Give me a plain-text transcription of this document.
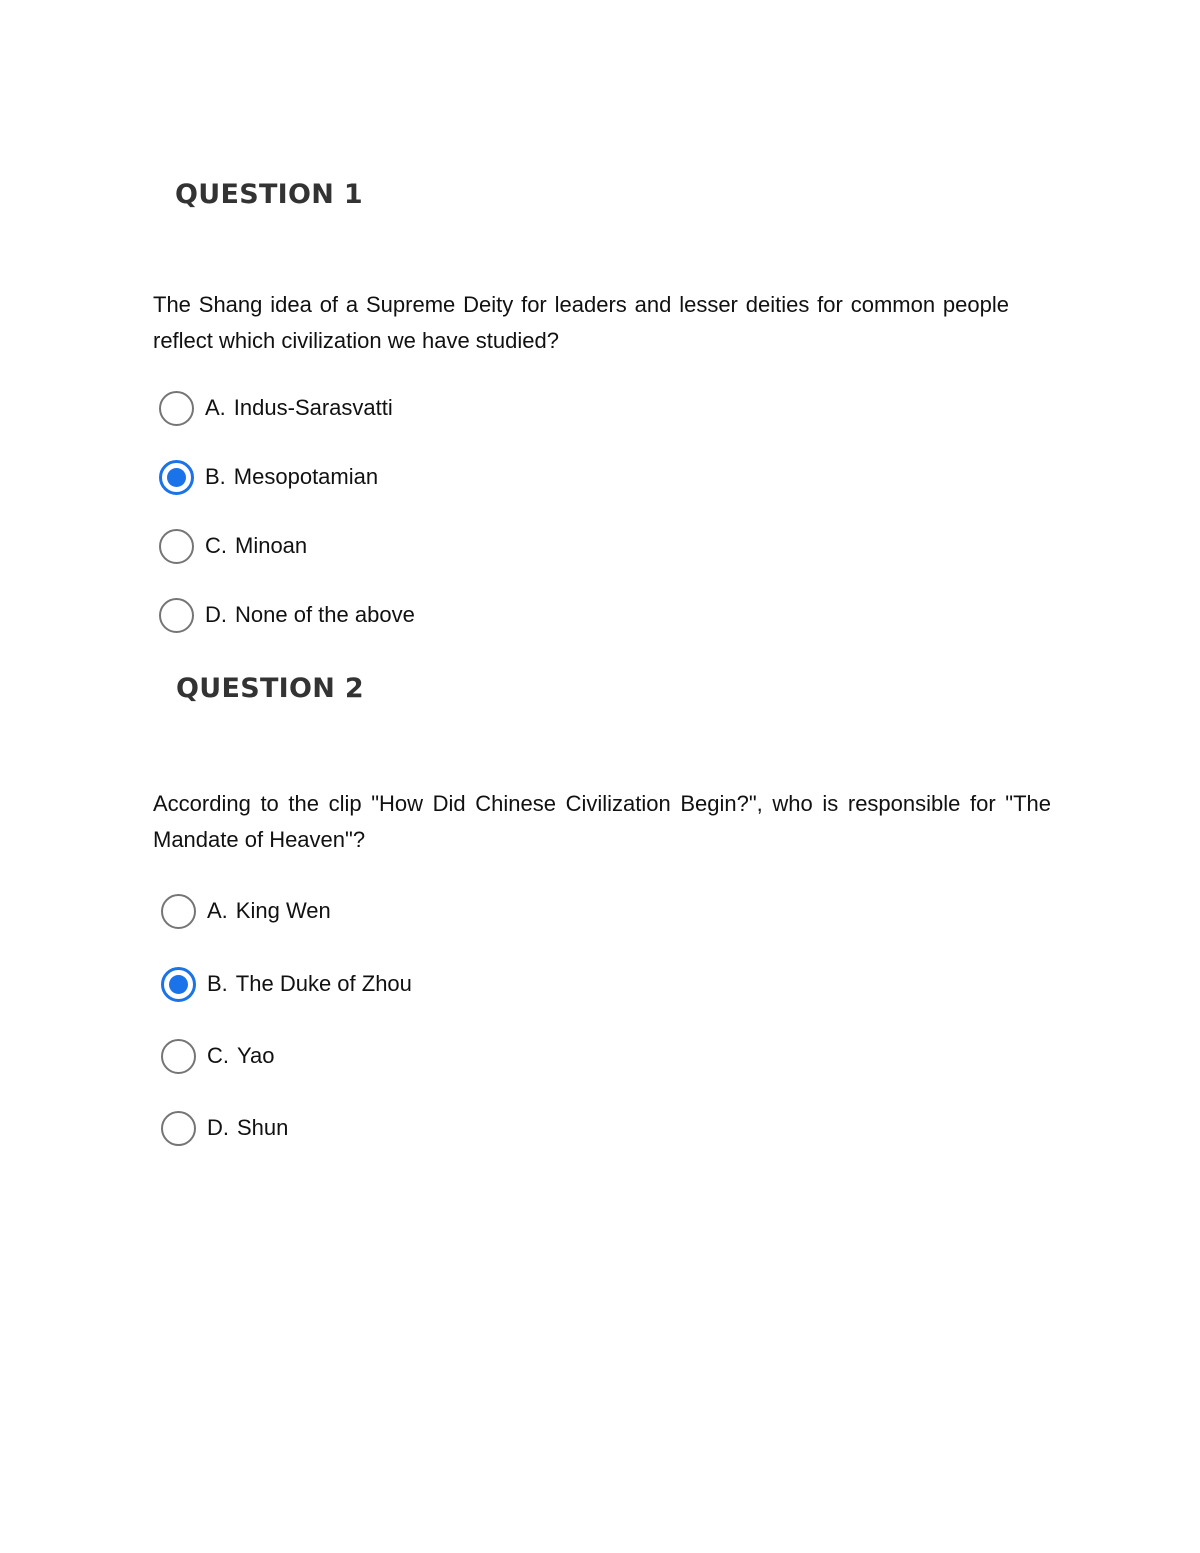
QUESTION 1

The Shang idea of a Supreme Deity for leaders and lesser deities for common people reflect which civilization we have studied?

A. Indus-Sarasvatti
B. Mesopotamian
C. Minoan
D. None of the above
QUESTION 2

According to the clip "How Did Chinese Civilization Begin?", who is responsible for "The Mandate of Heaven"?

A. King Wen
B. The Duke of Zhou
C. Yao
D. Shun
